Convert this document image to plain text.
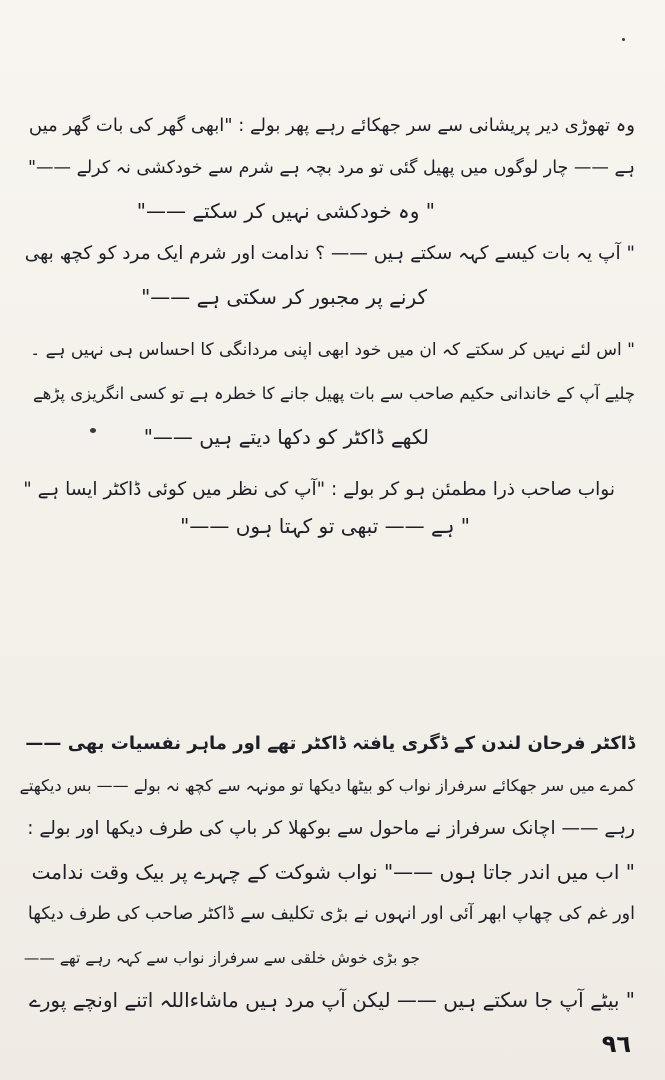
وہ تھوڑی دیر پریشانی سے سر جھکائے رہے پھر بولے : "ابھی گھر کی بات گھر میں
ہے —— چار لوگوں میں پھیل گئی تو مرد بچہ ہے شرم سے خودکشی نہ کرلے ——"
" وہ خودکشی نہیں کر سکتے ——"
" آپ یہ بات کیسے کہہ سکتے ہیں —— ؟ ندامت اور شرم ایک مرد کو کچھ بھی
کرنے پر مجبور کر سکتی ہے ——"
" اس لئے نہیں کر سکتے کہ ان میں خود ابھی اپنی مردانگی کا احساس ہی نہیں ہے ۔
چلیے آپ کے خاندانی حکیم صاحب سے بات پھیل جانے کا خطرہ ہے تو کسی انگریزی پڑھے
لکھے ڈاکٹر کو دکھا دیتے ہیں ——"
نواب صاحب ذرا مطمئن ہو کر بولے : "آپ کی نظر میں کوئی ڈاکٹر ایسا ہے "
" ہے —— تبھی تو کہتا ہوں ——"
ڈاکٹر فرحان لندن کے ڈگری یافتہ ڈاکٹر تھے اور ماہر نفسیات بھی ——
کمرے میں سر جھکائے سرفراز نواب کو بیٹھا دیکھا تو مونہہ سے کچھ نہ بولے —— بس دیکھتے
رہے —— اچانک سرفراز نے ماحول سے بوکھلا کر باپ کی طرف دیکھا اور بولے :
" اب میں اندر جاتا ہوں ——" نواب شوکت کے چہرے پر بیک وقت ندامت
اور غم کی چھاپ ابھر آئی اور انہوں نے بڑی تکلیف سے ڈاکٹر صاحب کی طرف دیکھا
جو بڑی خوش خلقی سے سرفراز نواب سے کہہ رہے تھے ——
" بیٹے آپ جا سکتے ہیں —— لیکن آپ مرد ہیں ماشاءاللہ اتنے اونچے پورے
٩٦
